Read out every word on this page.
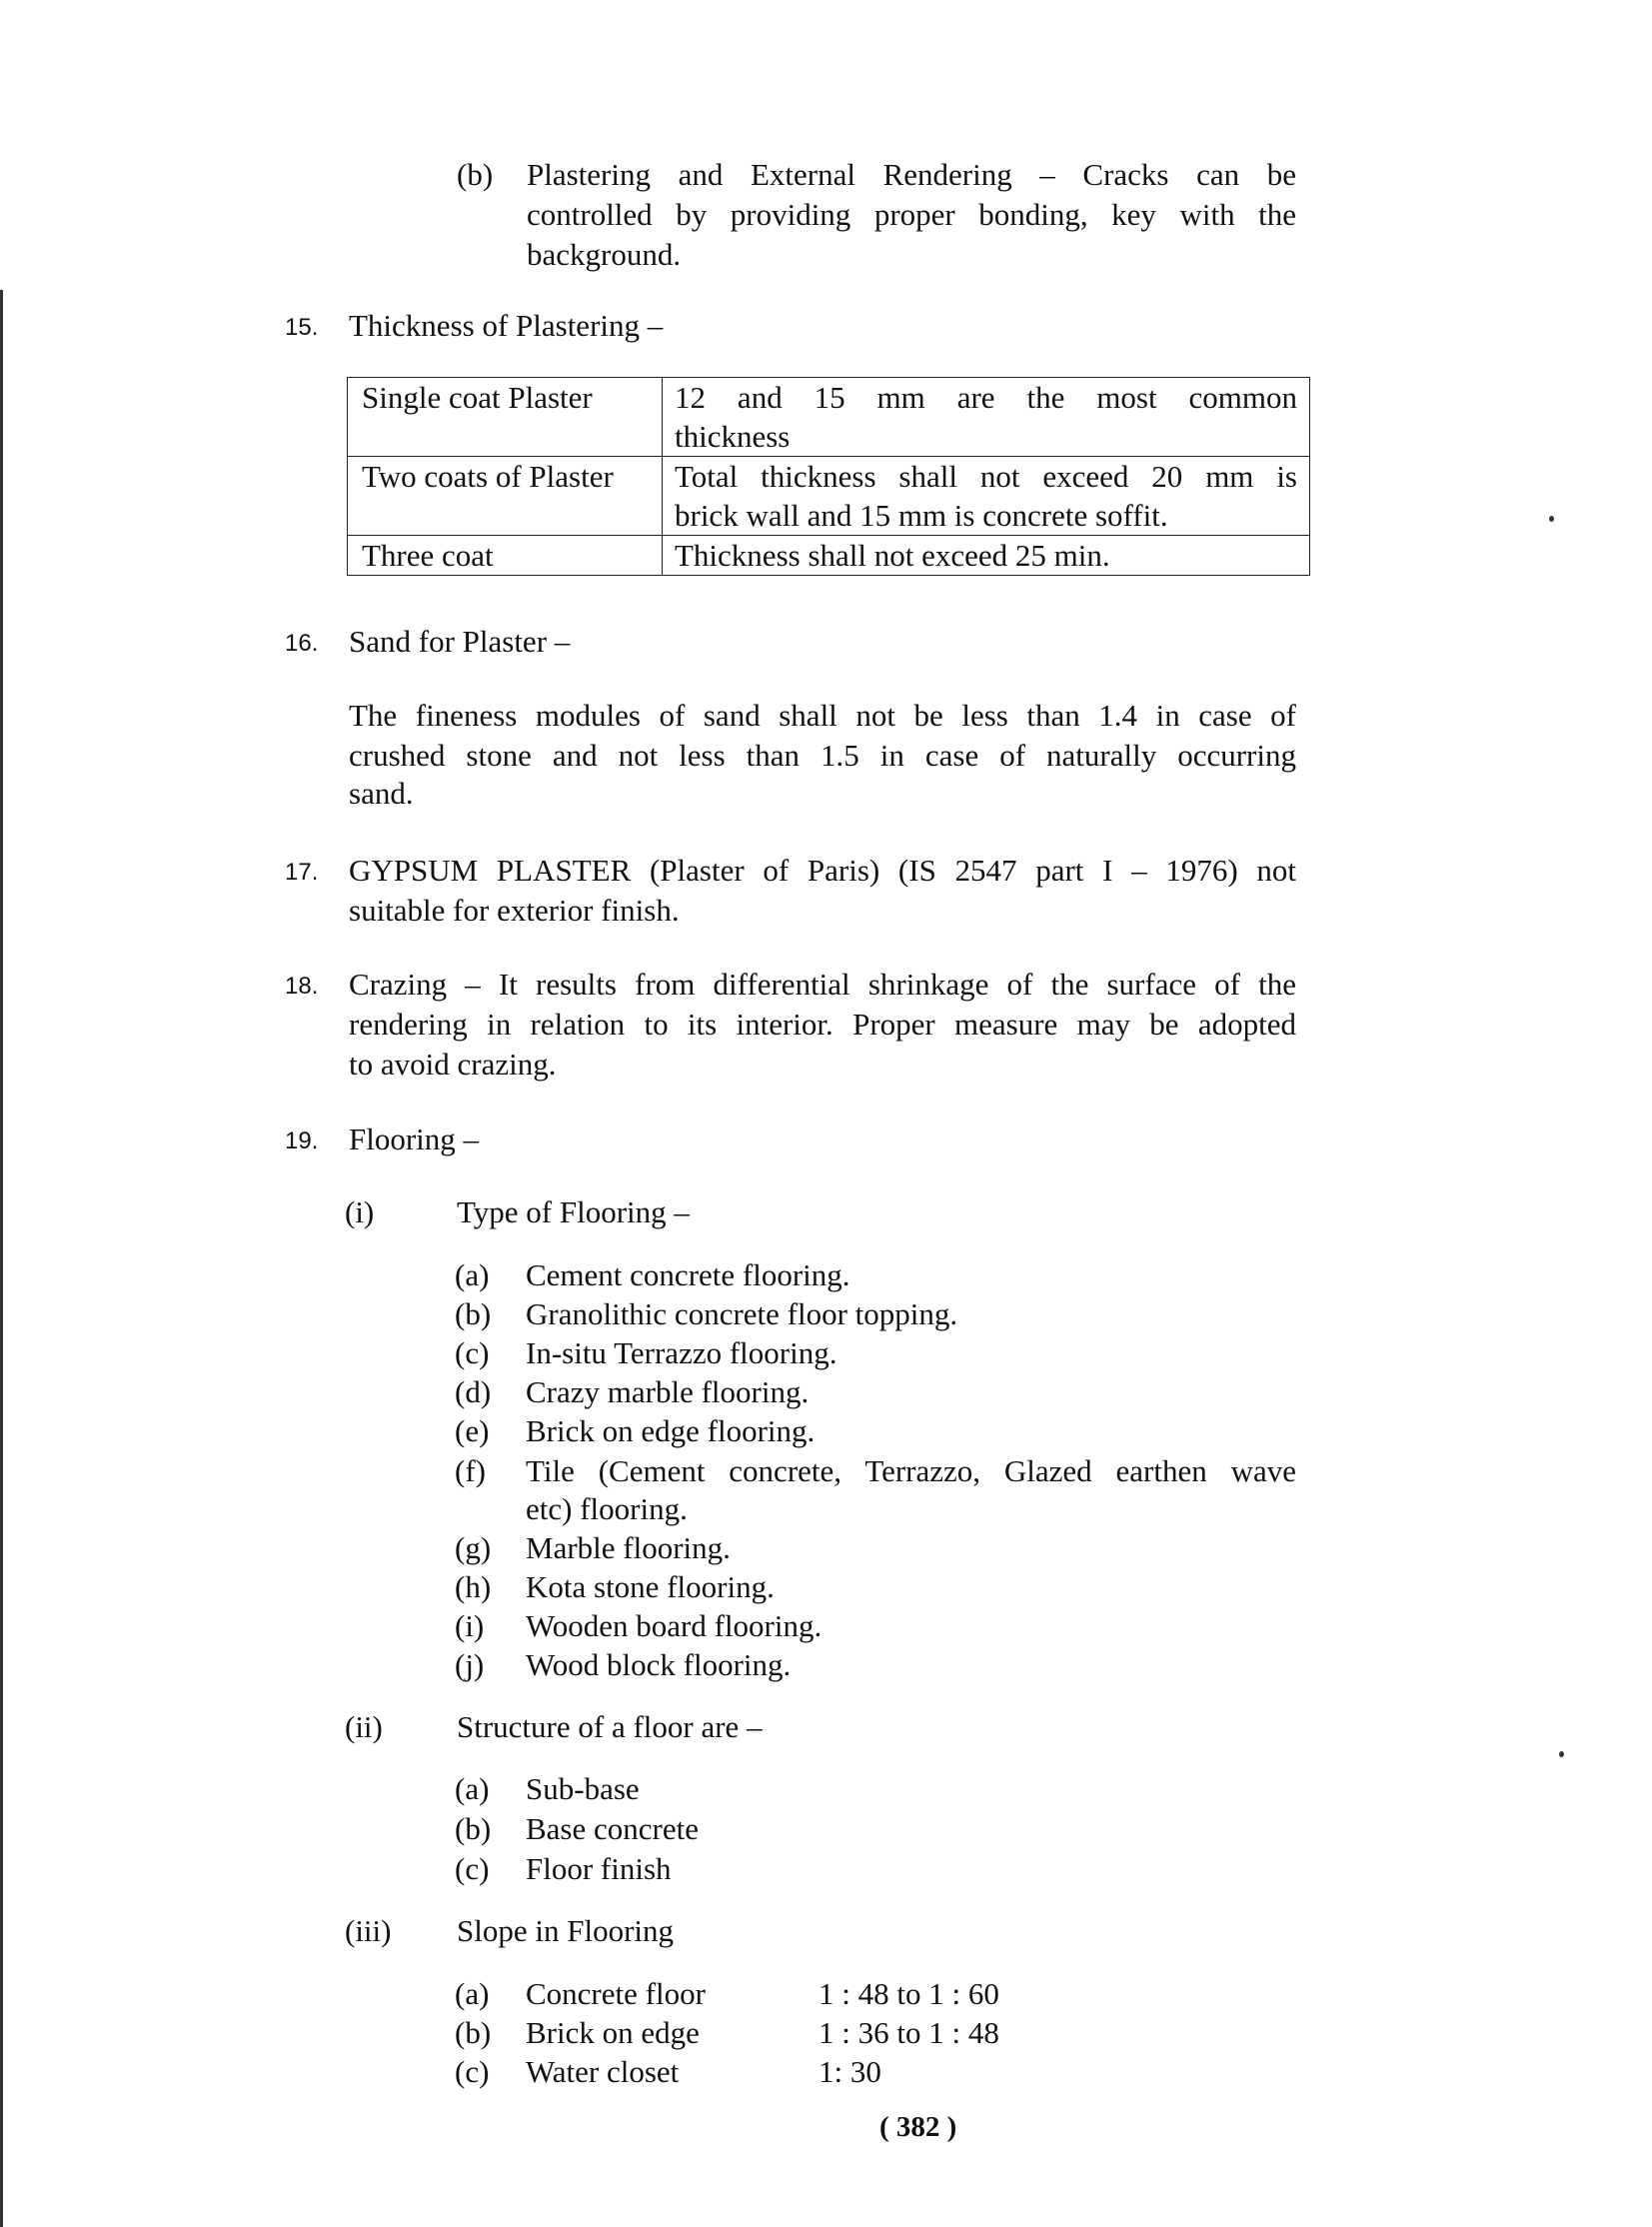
(b) Plastering and External Rendering – Cracks can be
controlled by providing proper bonding, key with the
background.
15. Thickness of Plastering –
Single coat Plaster	12 and 15 mm are the most common
thickness

Two coats of Plaster	Total thickness shall not exceed 20 mm is
brick wall and 15 mm is concrete soffit.

Three coat	Thickness shall not exceed 25 min.
16. Sand for Plaster –
The fineness modules of sand shall not be less than 1.4 in case of
crushed stone and not less than 1.5 in case of naturally occurring
sand.
17. GYPSUM PLASTER (Plaster of Paris) (IS 2547 part I – 1976) not
suitable for exterior finish.
18. Crazing – It results from differential shrinkage of the surface of the
rendering in relation to its interior. Proper measure may be adopted
to avoid crazing.
19. Flooring –
(i)	Type of Flooring –
(a) Cement concrete flooring.
(b) Granolithic concrete floor topping.
(c) In-situ Terrazzo flooring.
(d) Crazy marble flooring.
(e) Brick on edge flooring.
(f) Tile (Cement concrete, Terrazzo, Glazed earthen wave
etc) flooring.
(g) Marble flooring.
(h) Kota stone flooring.
(i) Wooden board flooring.
(j) Wood block flooring.
(ii) Structure of a floor are –
(a) Sub-base
(b) Base concrete
(c) Floor finish
(iii) Slope in Flooring
(a) Concrete floor	1 : 48 to 1 : 60
(b) Brick on edge	1 : 36 to 1 : 48
(c) Water closet	1: 30
( 382 )
